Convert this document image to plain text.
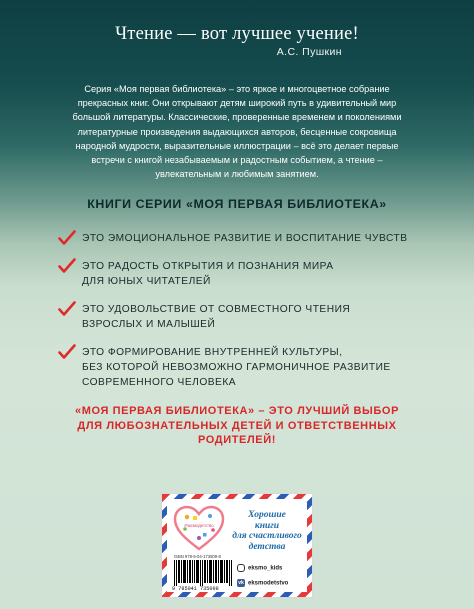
Чтение — вот лучшее учение!
А.С. Пушкин
Серия «Моя первая библиотека» – это яркое и многоцветное собрание
прекрасных книг. Они открывают детям широкий путь в удивительный мир
большой литературы. Классические, проверенные временем и поколениями
литературные произведения выдающихся авторов, бесценные сокровища
народной мудрости, выразительные иллюстрации – всё это делает первые
встречи с книгой незабываемым и радостным событием, а чтение –
увлекательным и любимым занятием.
КНИГИ СЕРИИ «МОЯ ПЕРВАЯ БИБЛИОТЕКА»
ЭТО ЭМОЦИОНАЛЬНОЕ РАЗВИТИЕ И ВОСПИТАНИЕ ЧУВСТВ
ЭТО РАДОСТЬ ОТКРЫТИЯ И ПОЗНАНИЯ МИРА
ДЛЯ ЮНЫХ ЧИТАТЕЛЕЙ
ЭТО УДОВОЛЬСТВИЕ ОТ СОВМЕСТНОГО ЧТЕНИЯ
ВЗРОСЛЫХ И МАЛЫШЕЙ
ЭТО ФОРМИРОВАНИЕ ВНУТРЕННЕЙ КУЛЬТУРЫ,
БЕЗ КОТОРОЙ НЕВОЗМОЖНО ГАРМОНИЧНОЕ РАЗВИТИЕ
СОВРЕМЕННОГО ЧЕЛОВЕКА
«МОЯ ПЕРВАЯ БИБЛИОТЕКА» – ЭТО ЛУЧШИЙ ВЫБОР
ДЛЯ ЛЮБОЗНАТЕЛЬНЫХ ДЕТЕЙ И ОТВЕТСТВЕННЫХ
РОДИТЕЛЕЙ!
#эксмодетство
Хорошие
книги
для счастливого
детства
ISBN 978-5-04-173509-8
9 785041 735098
eksmo_kids
vk eksmodetstvo
